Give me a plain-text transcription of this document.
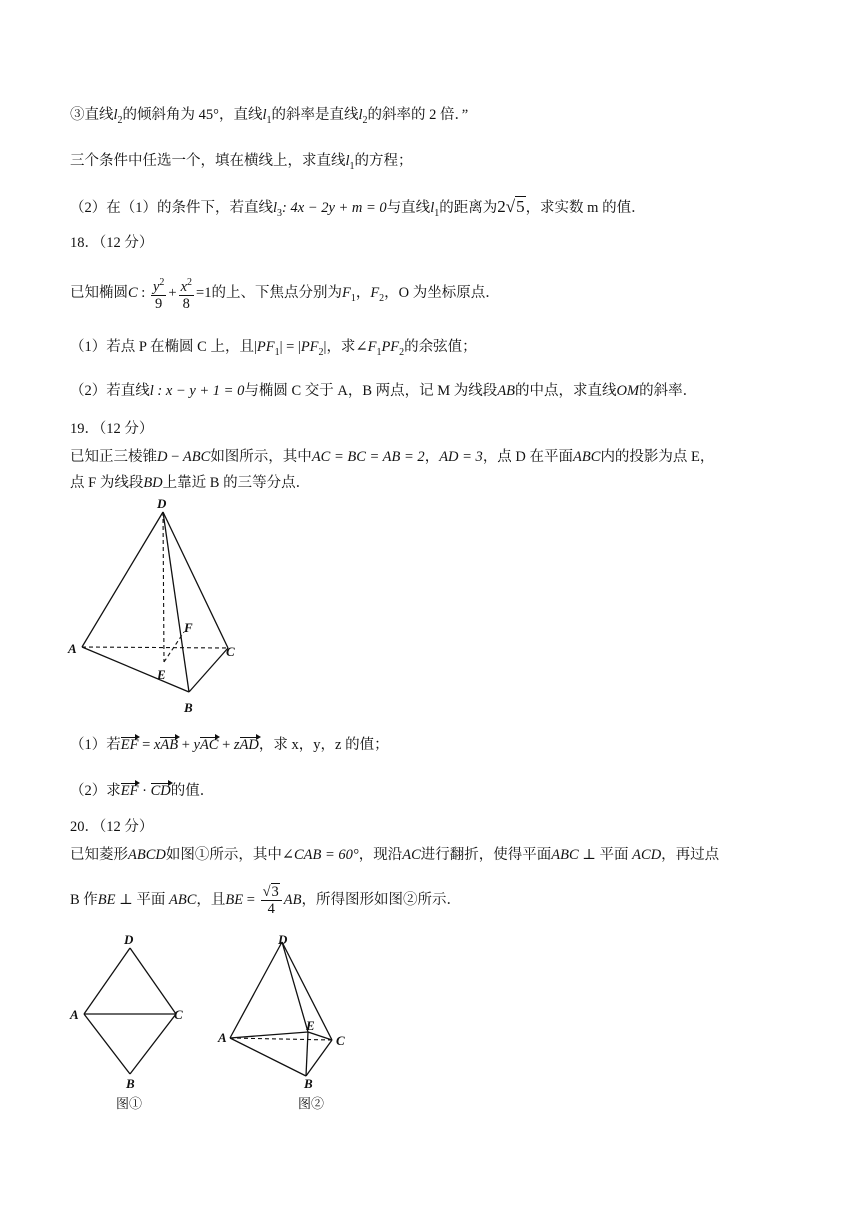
③直线$l_2$的倾斜角为 45°，直线$l_1$的斜率是直线$l_2$的斜率的 2 倍．”
三个条件中任选一个，填在横线上，求直线$l_1$的方程；
（2）在（1）的条件下，若直线$l_3$: 4x − 2y + m = 0与直线$l_1$的距离为2√5，求实数 m 的值．
18．（12 分）
已知椭圆C : $\frac{y^2}{9} + \frac{x^2}{8} =1$的上、下焦点分别为$F_1$，$F_2$，O 为坐标原点．
（1）若点 P 在椭圆 C 上，且$|PF_1| = |PF_2|$，求$\angle F_1PF_2$的余弦值；
（2）若直线l : x − y + 1 = 0与椭圆 C 交于 A，B 两点，记 M 为线段AB的中点，求直线OM的斜率．
19．（12 分）
已知正三棱锥D − ABC如图所示，其中AC = BC = AB = 2，AD = 3，点 D 在平面ABC内的投影为点 E，
点 F 为线段BD上靠近 B 的三等分点．
D
A	C
B
E
F
（1）若EF = xAB + yAC + zAD，求 x，y，z 的值；
（2）求EF · CD的值．
20．（12 分）
已知菱形ABCD如图①所示，其中∠CAB = 60°，现沿AC进行翻折，使得平面ABC ⊥ 平面 ACD，再过点
B 作BE ⊥ 平面 ABC，且BE = $\frac{√3}{4}$ AB，所得图形如图②所示．
D
A	C
B
图①
D
A	C
B
E
图②
